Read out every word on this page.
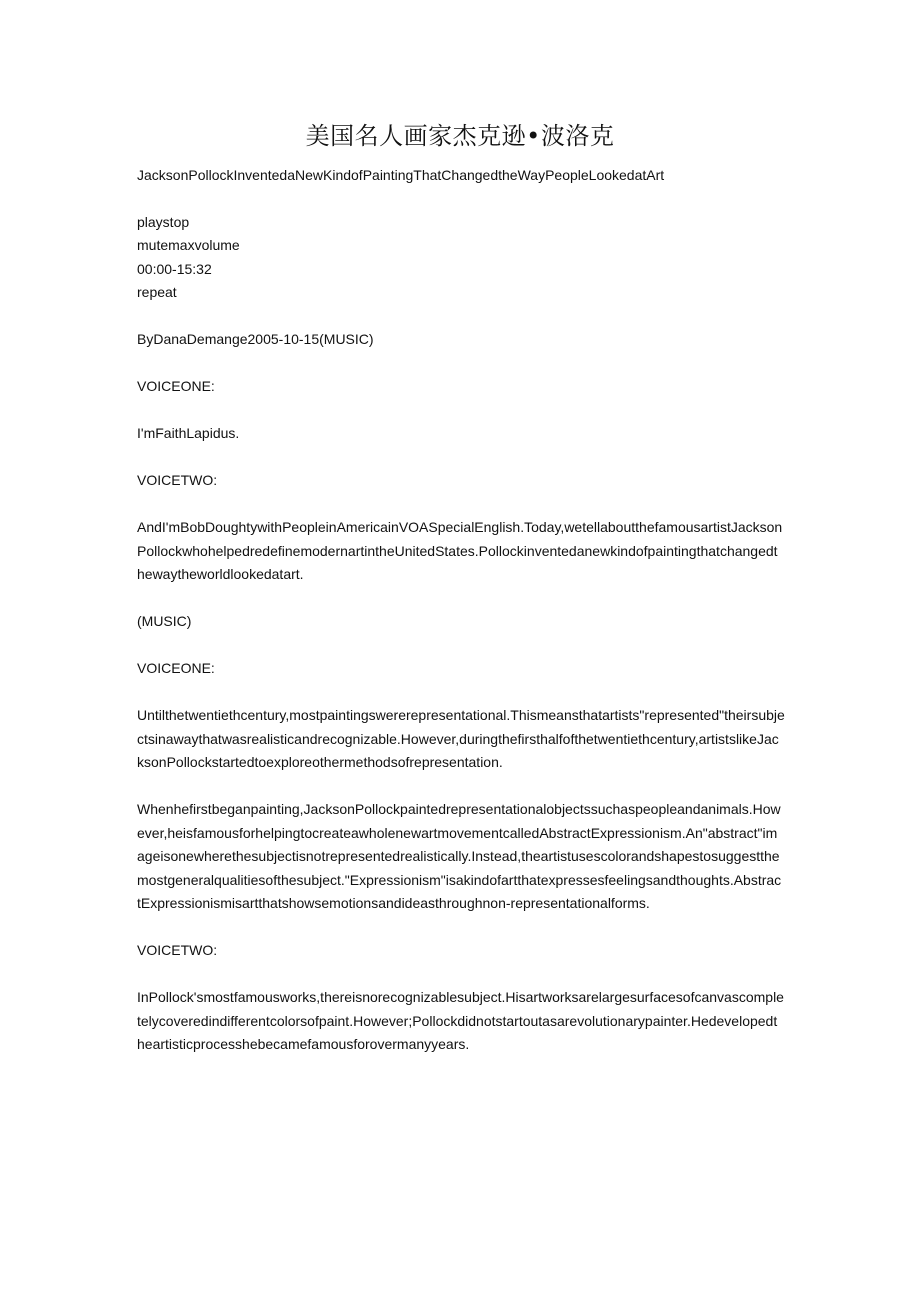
美国名人画家杰克逊•波洛克

JacksonPollockInventedaNewKindofPaintingThatChangedtheWayPeopleLookedatArt

playstop

mutemaxvolume

00:00-15:32

repeat

ByDanaDemange2005-10-15(MUSIC)

VOICEONE:

I'mFaithLapidus.

VOICETWO:

AndI'mBobDoughtywithPeopleinAmericainVOASpecialEnglish.Today,wetellaboutthefamousartistJacksonPollockwhohelpedredefinemodernartintheUnitedStates.Pollockinventedanewkindofpaintingthatchangedthewaytheworldlookedatart.

(MUSIC)

VOICEONE:

Untilthetwentiethcentury,mostpaintingswererepresentational.Thismeansthatartists"represented"theirsubjectsinawaythatwasrealisticandrecognizable.However,duringthefirsthalfofthetwentiethcentury,artistslikeJacksonPollockstartedtoexploreothermethodsofrepresentation.

Whenhefirstbeganpainting,JacksonPollockpaintedrepresentationalobjectssuchaspeopleandanimals.However,heisfamousforhelpingtocreateawholenewartmovementcalledAbstractExpressionism.An"abstract"imageisonewherethesubjectisnotrepresentedrealistically.Instead,theartistusescolorandshapestosuggestthemostgeneralqualitiesofthesubject."Expressionism"isakindofartthatexpressesfeelingsandthoughts.AbstractExpressionismisartthatshowsemotionsandideasthroughnon-representationalforms.

VOICETWO:

InPollock'smostfamousworks,thereisnorecognizablesubject.Hisartworksarelargesurfacesofcanvascompletelycoveredindifferentcolorsofpaint.However;Pollockdidnotstartoutasarevolutionarypainter.Hedevelopedtheartisticprocesshebecamefamousforovermanyyears.
